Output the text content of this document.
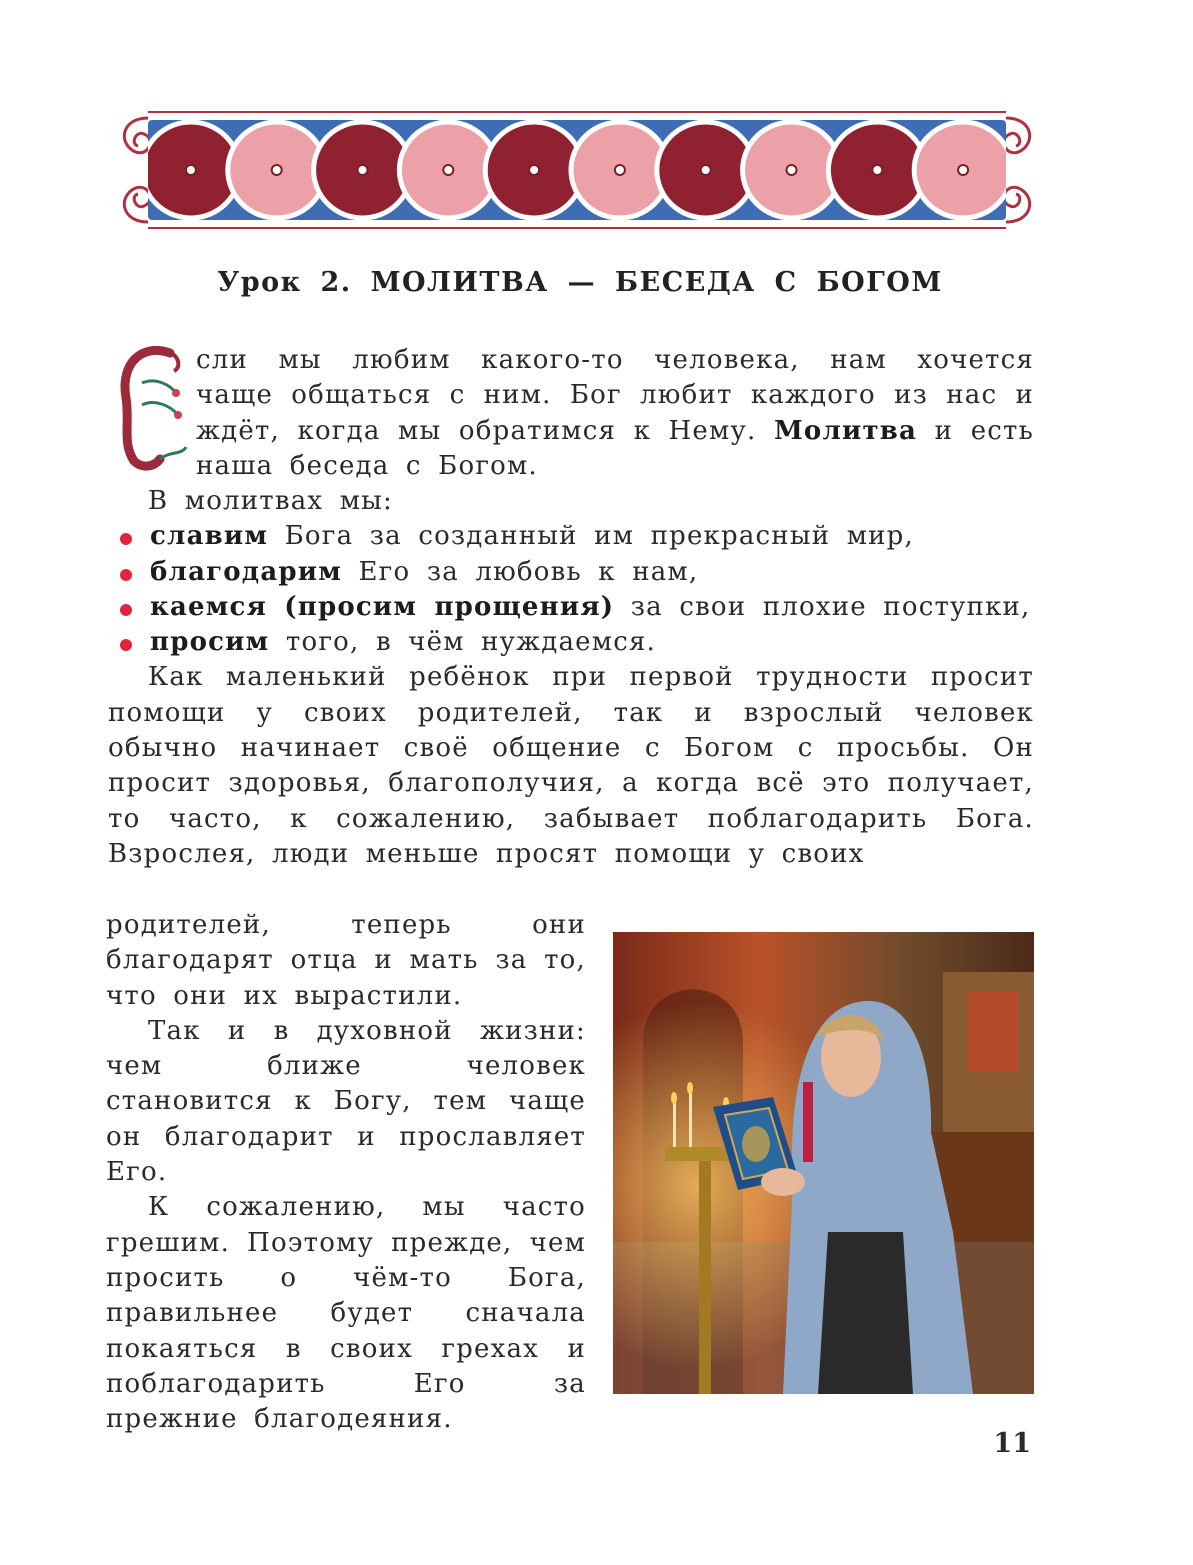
Урок 2. МОЛИТВА — БЕСЕДА С БОГОМ

сли мы любим какого-то человека, нам хочется чаще общаться с ним. Бог любит каждого из нас и ждёт, когда мы обратимся к Нему. Молитва и есть наша беседа с Богом.

В молитвах мы:

славим Бога за созданный им прекрасный мир,
благодарим Его за любовь к нам,
каемся (просим прощения) за свои плохие поступки,
просим того, в чём нуждаемся.

Как маленький ребёнок при первой трудности просит помощи у своих родителей, так и взрослый человек обычно начинает своё общение с Богом с просьбы. Он просит здоровья, благополучия, а когда всё это получает, то часто, к сожалению, забывает поблагодарить Бога. Взрослея, люди меньше просят помощи у своих

родителей, теперь они благодарят отца и мать за то, что они их вырастили.

Так и в духовной жизни: чем ближе человек становится к Богу, тем чаще он благодарит и прославляет Его.

К сожалению, мы часто грешим. Поэтому прежде, чем просить о чём-то Бога, правильнее будет сначала покаяться в своих грехах и поблагодарить Его за прежние благодеяния.

11
